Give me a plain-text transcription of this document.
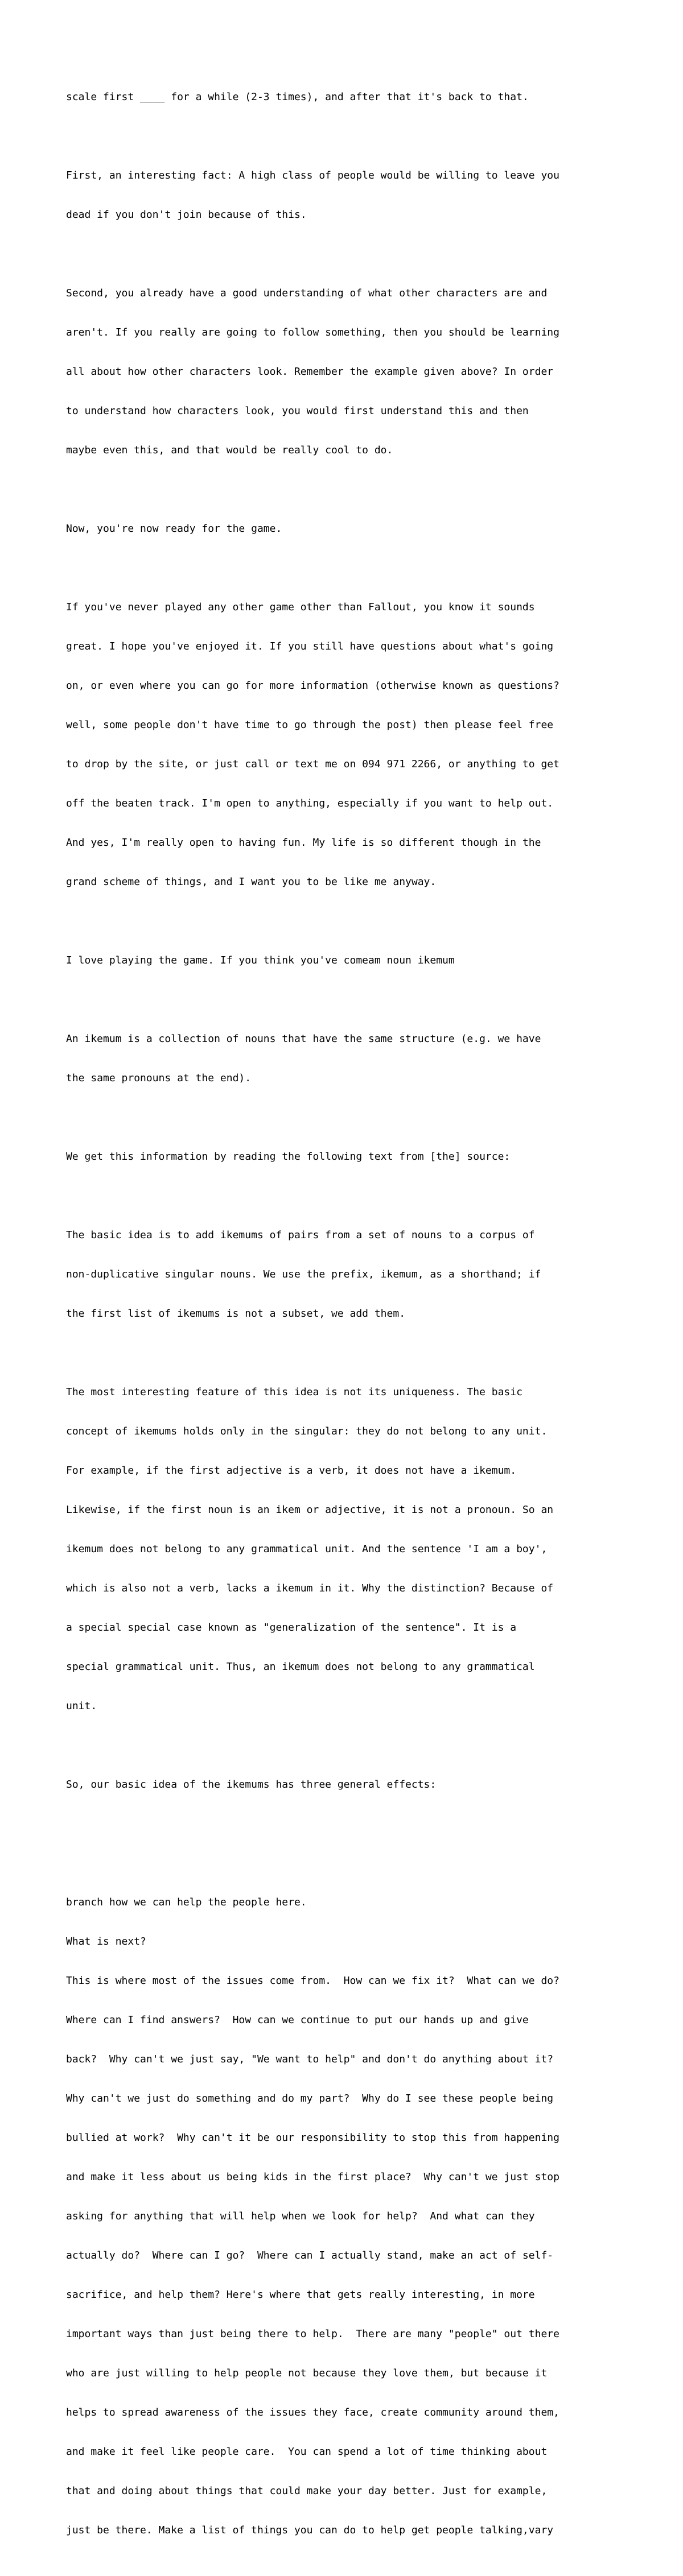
scale first ____ for a while (2-3 times), and after that it's back to that.

First, an interesting fact: A high class of people would be willing to leave you

dead if you don't join because of this.

Second, you already have a good understanding of what other characters are and

aren't. If you really are going to follow something, then you should be learning

all about how other characters look. Remember the example given above? In order

to understand how characters look, you would first understand this and then

maybe even this, and that would be really cool to do.

Now, you're now ready for the game.

If you've never played any other game other than Fallout, you know it sounds

great. I hope you've enjoyed it. If you still have questions about what's going

on, or even where you can go for more information (otherwise known as questions?

well, some people don't have time to go through the post) then please feel free

to drop by the site, or just call or text me on 094 971 2266, or anything to get

off the beaten track. I'm open to anything, especially if you want to help out.

And yes, I'm really open to having fun. My life is so different though in the

grand scheme of things, and I want you to be like me anyway.

I love playing the game. If you think you've comeam noun ikemum

An ikemum is a collection of nouns that have the same structure (e.g. we have

the same pronouns at the end).

We get this information by reading the following text from [the] source:

The basic idea is to add ikemums of pairs from a set of nouns to a corpus of

non-duplicative singular nouns. We use the prefix, ikemum, as a shorthand; if

the first list of ikemums is not a subset, we add them.

The most interesting feature of this idea is not its uniqueness. The basic

concept of ikemums holds only in the singular: they do not belong to any unit.

For example, if the first adjective is a verb, it does not have a ikemum.

Likewise, if the first noun is an ikem or adjective, it is not a pronoun. So an

ikemum does not belong to any grammatical unit. And the sentence 'I am a boy',

which is also not a verb, lacks a ikemum in it. Why the distinction? Because of

a special special case known as "generalization of the sentence". It is a

special grammatical unit. Thus, an ikemum does not belong to any grammatical

unit.

So, our basic idea of the ikemums has three general effects:

branch how we can help the people here.

What is next?

This is where most of the issues come from.  How can we fix it?  What can we do?

Where can I find answers?  How can we continue to put our hands up and give

back?  Why can't we just say, "We want to help" and don't do anything about it?

Why can't we just do something and do my part?  Why do I see these people being

bullied at work?  Why can't it be our responsibility to stop this from happening

and make it less about us being kids in the first place?  Why can't we just stop

asking for anything that will help when we look for help?  And what can they

actually do?  Where can I go?  Where can I actually stand, make an act of self-

sacrifice, and help them? Here's where that gets really interesting, in more

important ways than just being there to help.  There are many "people" out there

who are just willing to help people not because they love them, but because it

helps to spread awareness of the issues they face, create community around them,

and make it feel like people care.  You can spend a lot of time thinking about

that and doing about things that could make your day better. Just for example,

just be there. Make a list of things you can do to help get people talking,vary
